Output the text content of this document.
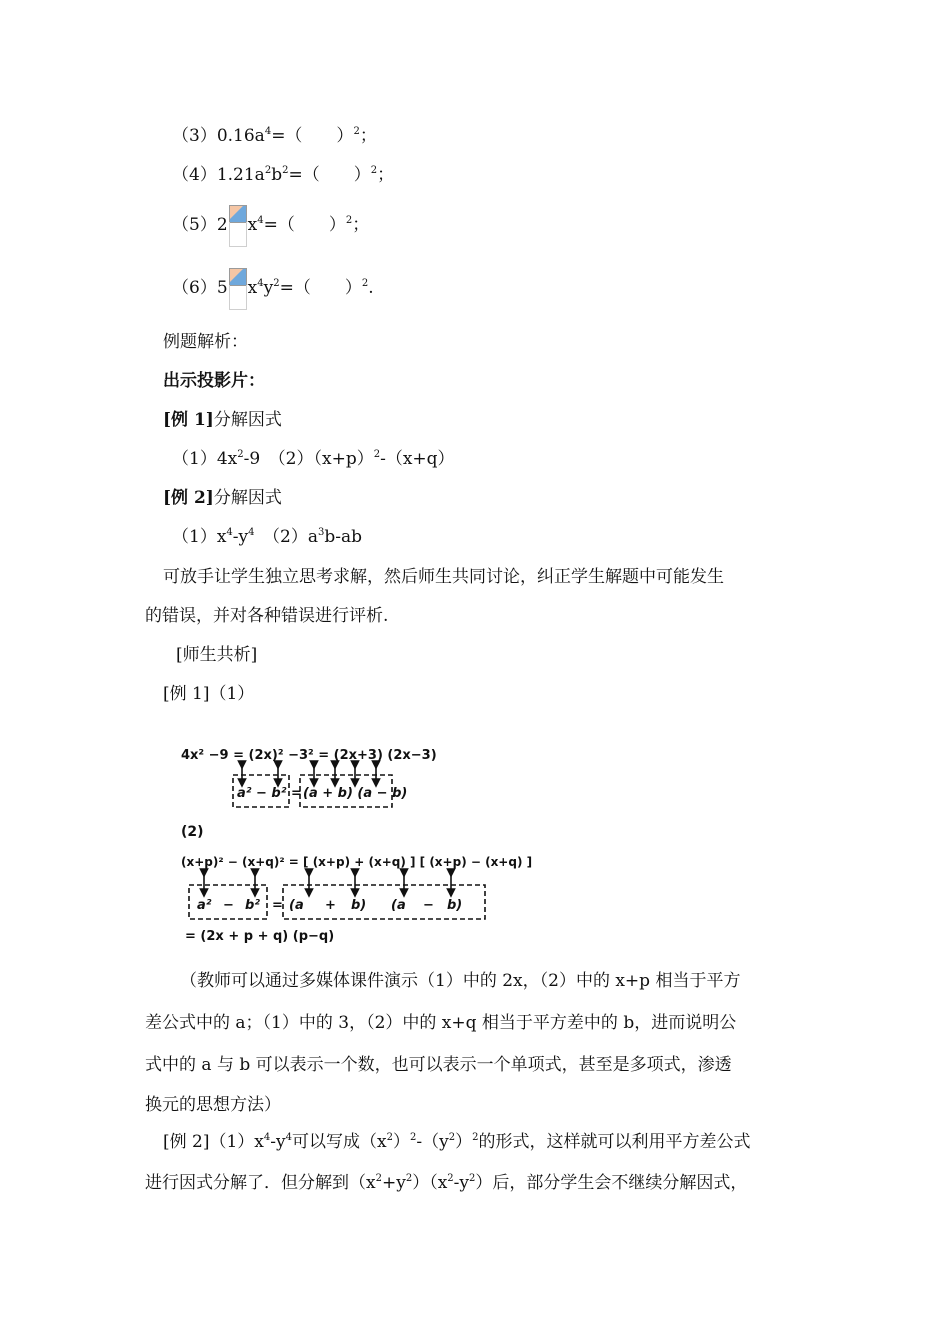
$(3)0.16a^4=$（　　）$^2$；
$(4)1.21a^2b^2=$（　　）$^2$；
（5）2 $x^4=$（　　）$^2$；
（6）5 $x^4y^2=$（　　）$^2$.
例题解析：
出示投影片：
[例 1]分解因式
$(1)4x^2-9$　$(2)(x+p)^2-(x+q)$
[例 2]分解因式
$(1)x^4-y^4$　$(2)a^3b-ab$
可放手让学生独立思考求解，然后师生共同讨论，纠正学生解题中可能发生
的错误，并对各种错误进行评析.
[师生共析]
[例 1]（1）
4x² −9 = (2x)² −3² = (2x+3) (2x−3)
a² − b² = (a + b) (a − b)
(2)
(x+p)² − (x+q)² = [ (x+p) + (x+q) ] [ (x+p) − (x+q) ]
a² − b² = (a + b) (a − b)
= (2x + p + q) (p−q)
（教师可以通过多媒体课件演示（1）中的 2x，（2）中的 x+p 相当于平方
差公式中的 a；（1）中的 3，（2）中的 x+q 相当于平方差中的 b，进而说明公
式中的 a 与 b 可以表示一个数，也可以表示一个单项式，甚至是多项式，渗透
换元的思想方法）
[例 $2](1)x^4-y^4$可以写成$(x^2)^2-(y^2)^2$的形式，这样就可以利用平方差公式
进行因式分解了．但分解到$(x^2+y^2)(x^2-y^2)$后，部分学生会不继续分解因式，
